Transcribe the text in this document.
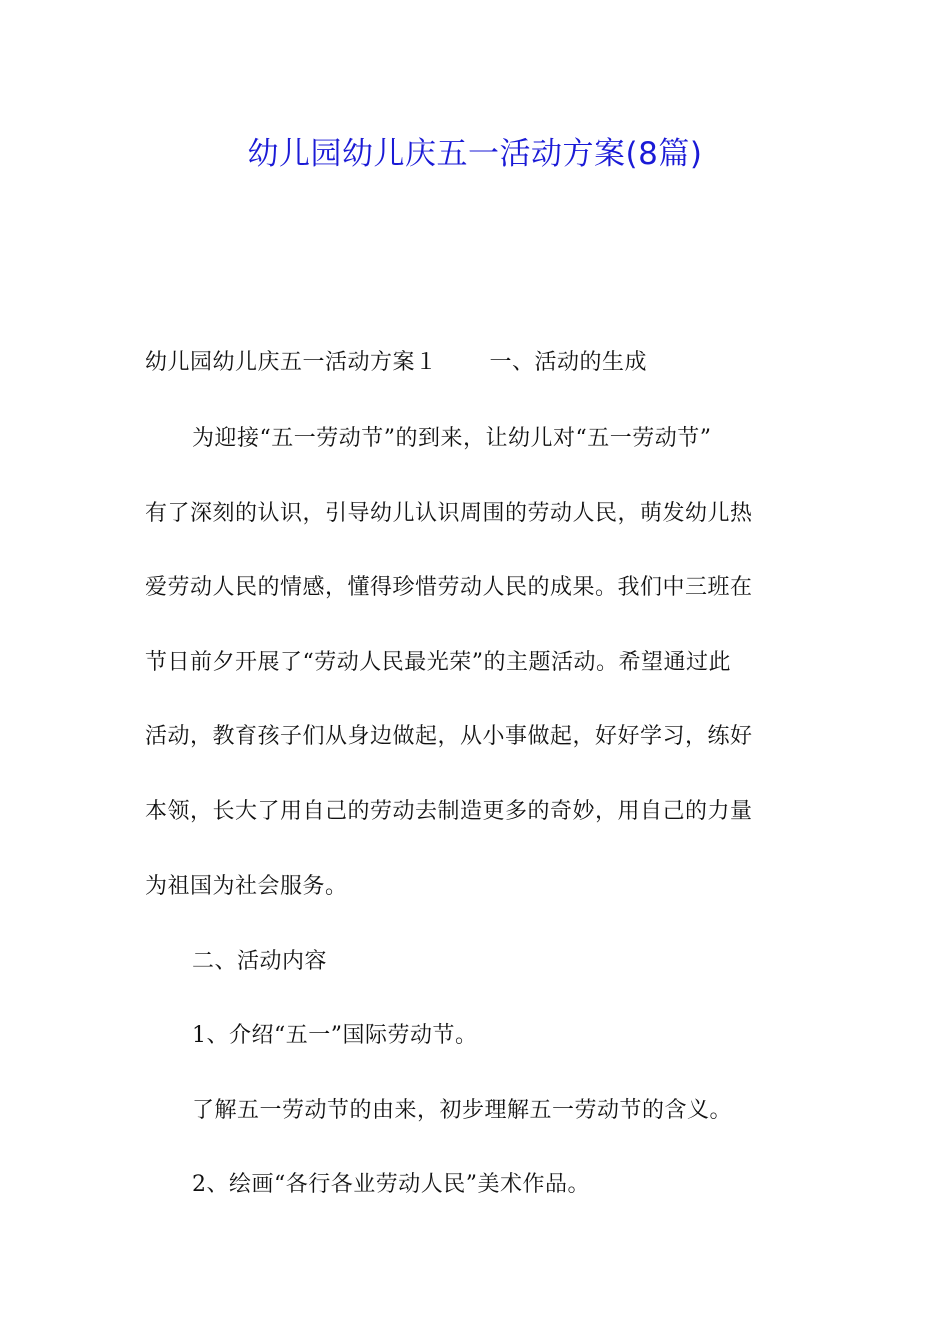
幼儿园幼儿庆五一活动方案(8篇)
幼儿园幼儿庆五一活动方案１ 一、活动的生成
为迎接“五一劳动节”的到来，让幼儿对“五一劳动节”
有了深刻的认识，引导幼儿认识周围的劳动人民，萌发幼儿热
爱劳动人民的情感，懂得珍惜劳动人民的成果。我们中三班在
节日前夕开展了“劳动人民最光荣”的主题活动。希望通过此
活动，教育孩子们从身边做起，从小事做起，好好学习，练好
本领，长大了用自己的劳动去制造更多的奇妙，用自己的力量
为祖国为社会服务。
二、活动内容
1、介绍“五一”国际劳动节。
了解五一劳动节的由来，初步理解五一劳动节的含义。
2、绘画“各行各业劳动人民”美术作品。
